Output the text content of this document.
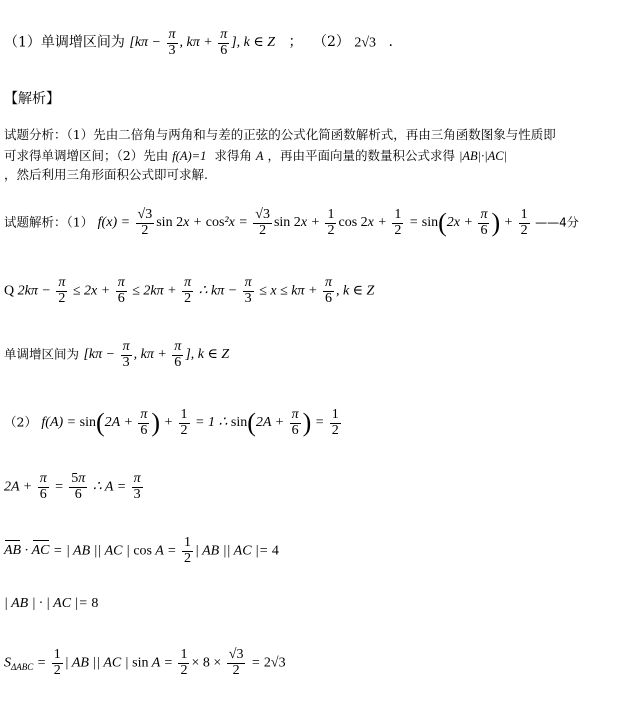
（1）单调增区间为 [$k\pi - \frac{\pi}{3}$ , $k\pi + \frac{\pi}{6}$ ], k ∈ Z ； （2） 2√3 .
【解析】
试题分析：（1）先由二倍角与两角和与差的正弦的公式化简函数解析式，再由三角函数图象与性质即
可求得单调增区间；（2）先由 f(A)=1 求得角 A ，再由平面向量的数量积公式求得 |AB|·|AC|
，然后利用三角形面积公式即可求解.
试题解析：（1） $f(x) = \frac{√3}{2}$ $\sin 2x + \cos^2x = \frac{√3}{2}$ $\sin 2x + \frac{1}{2}$ $\cos 2x + \frac{1}{2} = \sin(2x + \frac{\pi}{6}$ ) + $\frac{1}{2}$ ——4分
Q $2k\pi - \frac{\pi}{2} \le 2x + \frac{\pi}{6} \le 2k\pi + \frac{\pi}{2}$ ∴ $k\pi - \frac{\pi}{3} \le x \le k\pi + \frac{\pi}{6}$ , k ∈ Z
单调增区间为 [$k\pi - \frac{\pi}{3}$ , $k\pi + \frac{\pi}{6}$ ], k ∈ Z
（2） $f(A) = \sin(2A + \frac{\pi}{6}$ ) + $\frac{1}{2} = 1$ ∴ $\sin(2A + \frac{\pi}{6}$ ) = $\frac{1}{2}$
$2A + \frac{\pi}{6} = \frac{5\pi}{6}$ ∴ $A = \frac{\pi}{3}$
AB · AC = | AB || AC | $\cos A = \frac{1}{2}$ | AB || AC |= 4
| AB | · | AC |= 8
$S_{\Delta ABC} = \frac{1}{2}$ | AB || AC | $\sin A = \frac{1}{2} \times 8 \times \frac{√3}{2} = 2√3$
